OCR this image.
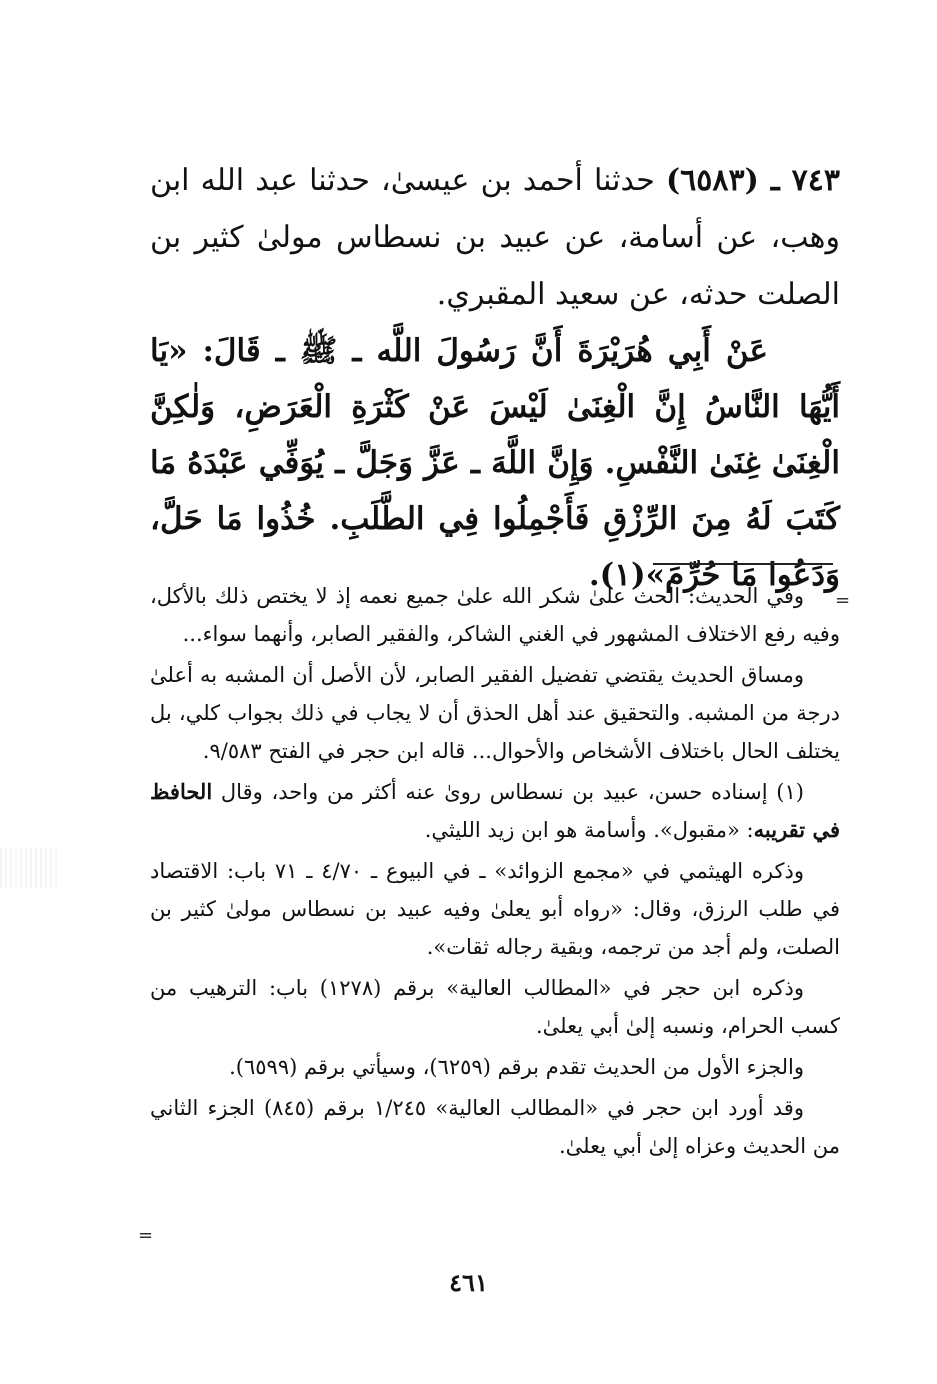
٧٤٣ ـ (٦٥٨٣) حدثنا أحمد بن عيسىٰ، حدثنا عبد الله ابن وهب، عن أسامة، عن عبيد بن نسطاس مولىٰ كثير بن الصلت حدثه، عن سعيد المقبري.

عَنْ أَبِي هُرَيْرَةَ أَنَّ رَسُولَ اللَّه ـ ﷺ ـ قَالَ: «يَا أَيُّهَا النَّاسُ إِنَّ الْغِنَىٰ لَيْسَ عَنْ كَثْرَةِ الْعَرَضِ، وَلٰكِنَّ الْغِنَىٰ غِنَىٰ النَّفْسِ. وَإِنَّ اللَّهَ ـ عَزَّ وَجَلَّ ـ يُوَفِّي عَبْدَهُ مَا كَتَبَ لَهُ مِنَ الرِّزْقِ فَأَجْمِلُوا فِي الطَّلَبِ. خُذُوا مَا حَلَّ، وَدَعُوا مَا حُرِّمَ»(١).

وفي الحديث: الحث علىٰ شكر الله علىٰ جميع نعمه إذ لا يختص ذلك بالأكل، وفيه رفع الاختلاف المشهور في الغني الشاكر، والفقير الصابر، وأنهما سواء...

ومساق الحديث يقتضي تفضيل الفقير الصابر، لأن الأصل أن المشبه به أعلىٰ درجة من المشبه. والتحقيق عند أهل الحذق أن لا يجاب في ذلك بجواب كلي، بل يختلف الحال باختلاف الأشخاص والأحوال... قاله ابن حجر في الفتح ٩/٥٨٣.

(١) إسناده حسن، عبيد بن نسطاس روىٰ عنه أكثر من واحد، وقال الحافظ في تقريبه: «مقبول». وأسامة هو ابن زيد الليثي.

وذكره الهيثمي في «مجمع الزوائد» ـ في البيوع ـ ٤/٧٠ ـ ٧١ باب: الاقتصاد في طلب الرزق، وقال: «رواه أبو يعلىٰ وفيه عبيد بن نسطاس مولىٰ كثير بن الصلت، ولم أجد من ترجمه، وبقية رجاله ثقات».

وذكره ابن حجر في «المطالب العالية» برقم (١٢٧٨) باب: الترهيب من كسب الحرام، ونسبه إلىٰ أبي يعلىٰ.

والجزء الأول من الحديث تقدم برقم (٦٢٥٩)، وسيأتي برقم (٦٥٩٩).

وقد أورد ابن حجر في «المطالب العالية» ١/٢٤٥ برقم (٨٤٥) الجزء الثاني من الحديث وعزاه إلىٰ أبي يعلىٰ.

٤٦١
=
=
